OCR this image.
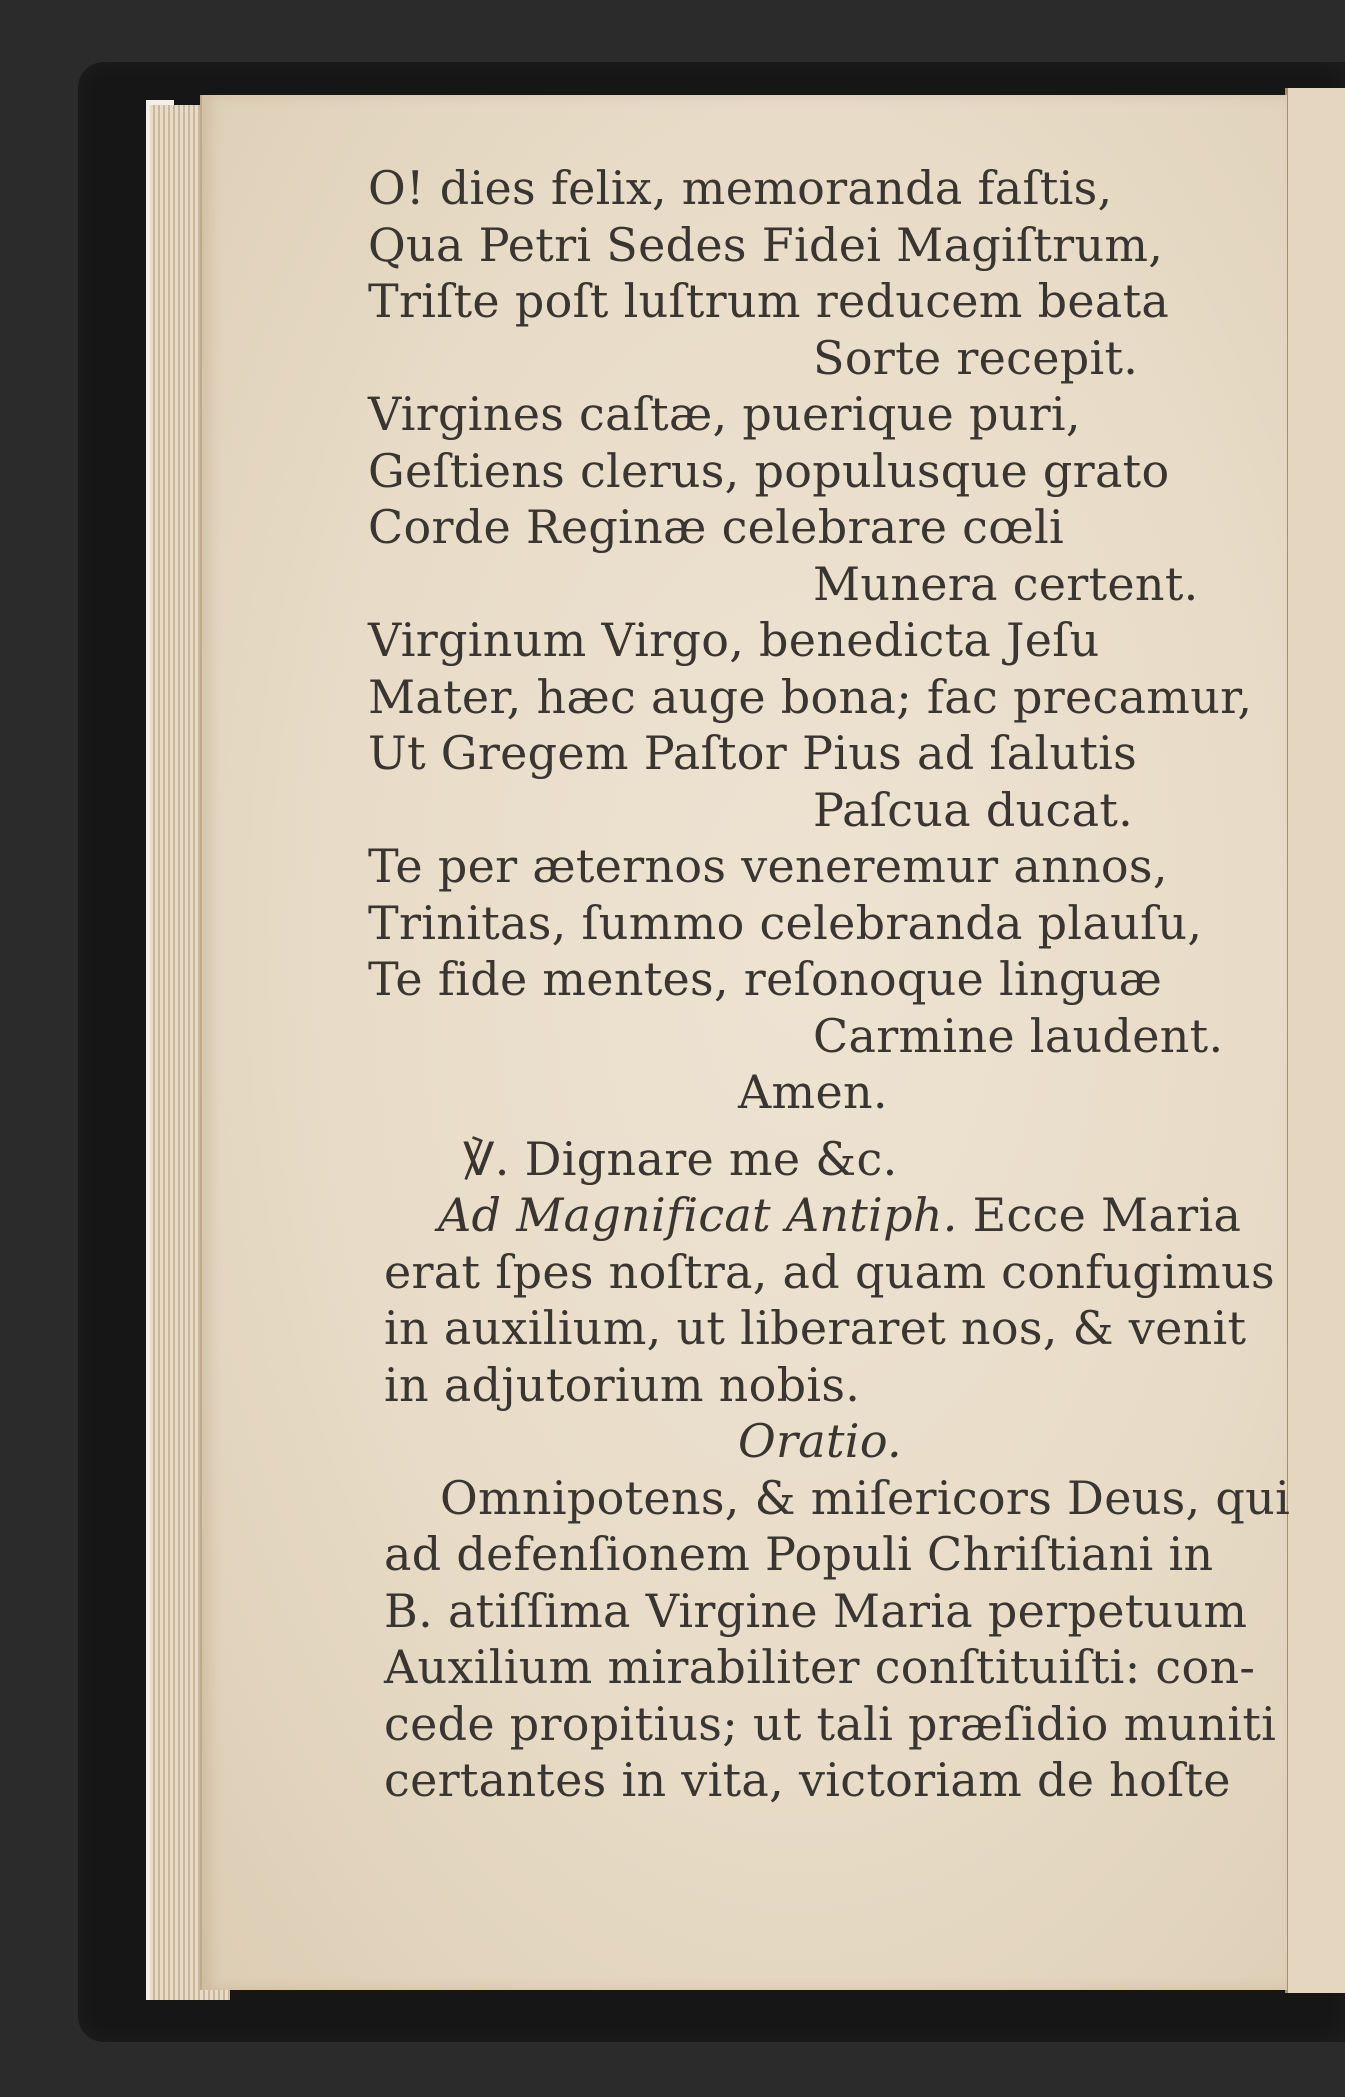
O! dies felix, memoranda faſtis,
Qua Petri Sedes Fidei Magiſtrum,
Triſte poſt luſtrum reducem beata
Sorte recepit.
Virgines caſtæ, puerique puri,
Geſtiens clerus, populusque grato
Corde Reginæ celebrare cœli
Munera certent.
Virginum Virgo, benedicta Jeſu
Mater, hæc auge bona; fac precamur,
Ut Gregem Paſtor Pius ad ſalutis
Paſcua ducat.
Te per æternos veneremur annos,
Trinitas, ſummo celebranda plauſu,
Te fide mentes, reſonoque linguæ
Carmine laudent.
Amen.
℣. Dignare me &c.
Ad Magnificat Antiph. Ecce Maria
erat ſpes noſtra, ad quam confugimus
in auxilium, ut liberaret nos, & venit
in adjutorium nobis.
Oratio.
Omnipotens, & miſericors Deus, qui
ad defenſionem Populi Chriſtiani in
B. atiſſima Virgine Maria perpetuum
Auxilium mirabiliter conſtituiſti: con-
cede propitius; ut tali præſidio muniti
certantes in vita, victoriam de hoſte
